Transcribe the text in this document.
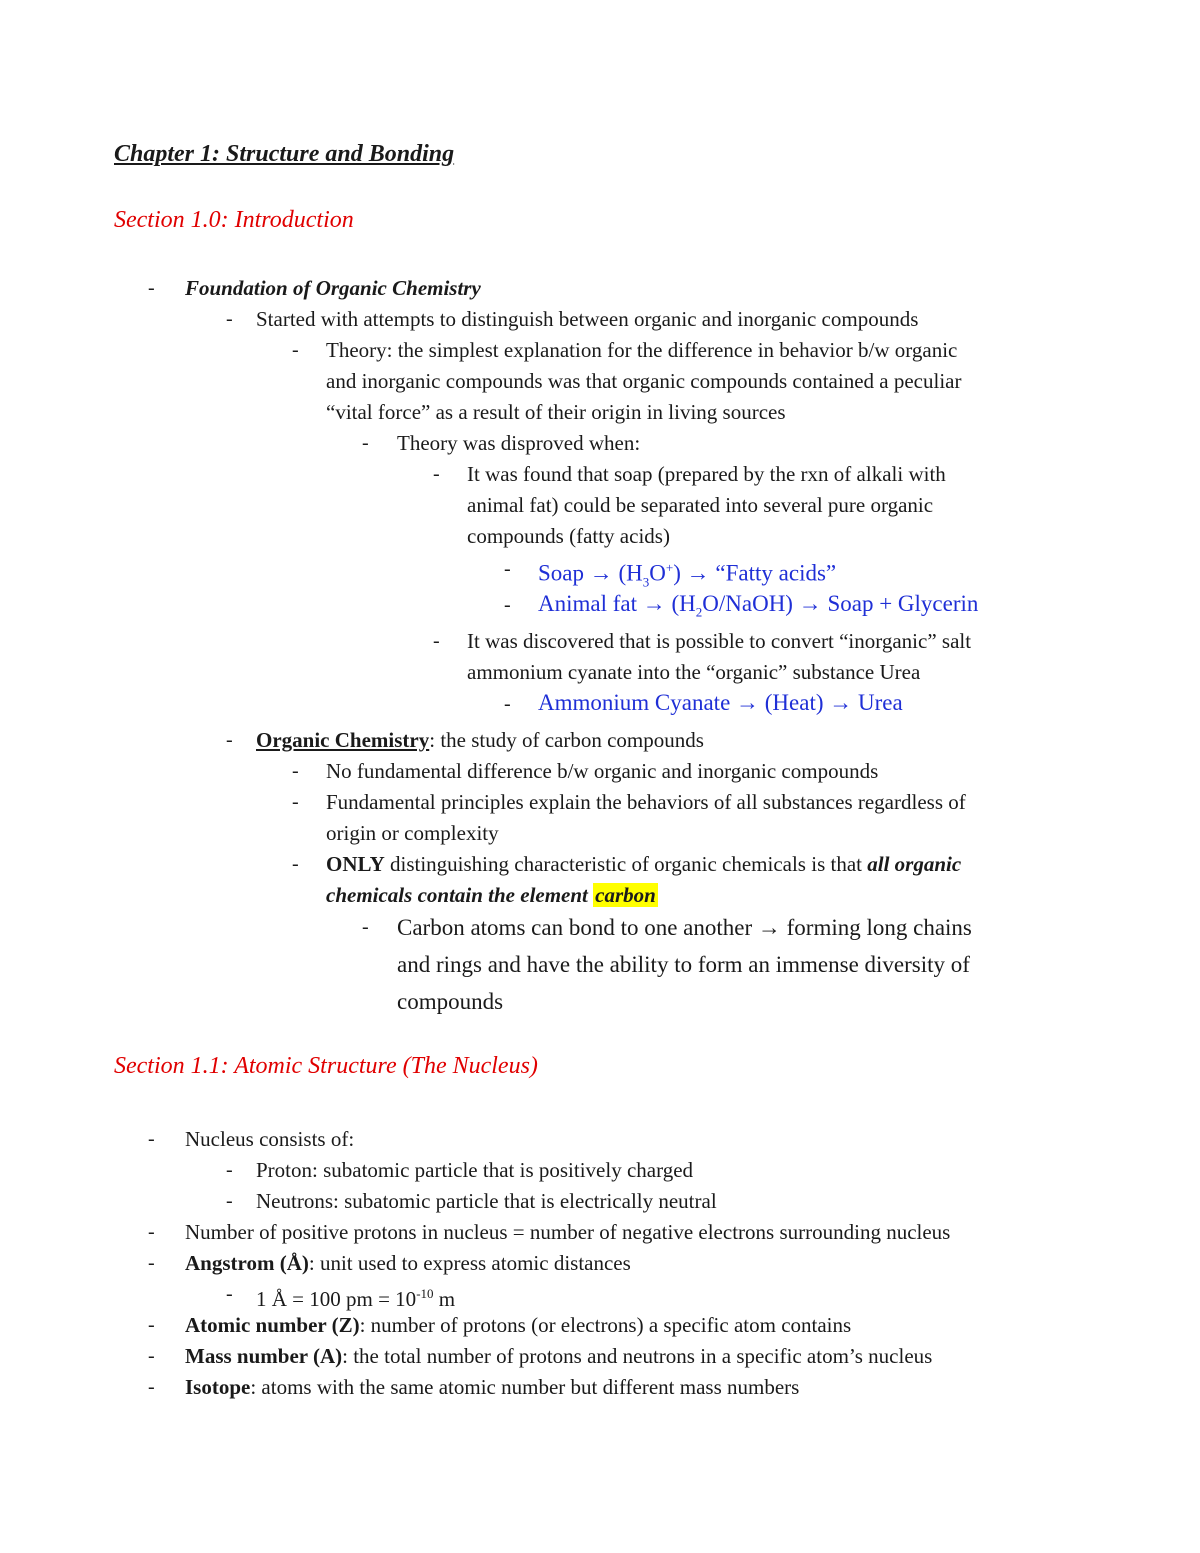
Chapter 1: Structure and Bonding
Section 1.0: Introduction
- Foundation of Organic Chemistry
- Started with attempts to distinguish between organic and inorganic compounds
- Theory: the simplest explanation for the difference in behavior b/w organic
and inorganic compounds was that organic compounds contained a peculiar
“vital force” as a result of their origin in living sources
- Theory was disproved when:
- It was found that soap (prepared by the rxn of alkali with
animal fat) could be separated into several pure organic
compounds (fatty acids)
- Soap → $(H_3O^+)$ → “Fatty acids”
- Animal fat → $(H_2O/NaOH)$ → Soap + Glycerin
- It was discovered that is possible to convert “inorganic” salt
ammonium cyanate into the “organic” substance Urea
- Ammonium Cyanate → (Heat) → Urea
- Organic Chemistry: the study of carbon compounds
- No fundamental difference b/w organic and inorganic compounds
- Fundamental principles explain the behaviors of all substances regardless of
origin or complexity
- ONLY distinguishing characteristic of organic chemicals is that all organic
chemicals contain the element carbon
- Carbon atoms can bond to one another → forming long chains
and rings and have the ability to form an immense diversity of
compounds
Section 1.1: Atomic Structure (The Nucleus)
- Nucleus consists of:
- Proton: subatomic particle that is positively charged
- Neutrons: subatomic particle that is electrically neutral
- Number of positive protons in nucleus = number of negative electrons surrounding nucleus
- Angstrom (Å): unit used to express atomic distances
- 1 Å = 100 pm = $10^{-10}$ m
- Atomic number (Z): number of protons (or electrons) a specific atom contains
- Mass number (A): the total number of protons and neutrons in a specific atom’s nucleus
- Isotope: atoms with the same atomic number but different mass numbers
